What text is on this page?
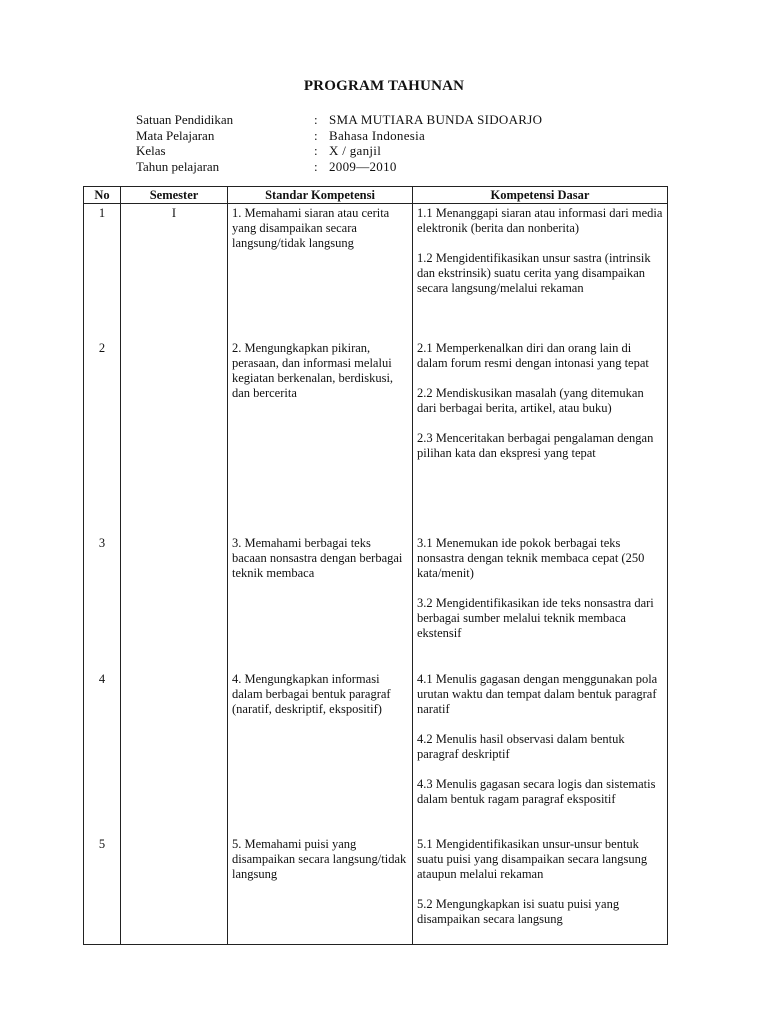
PROGRAM TAHUNAN
Satuan Pendidikan	: SMA MUTIARA BUNDA SIDOARJO
Mata Pelajaran	: Bahasa Indonesia
Kelas	: X / ganjil
Tahun pelajaran	: 2009—2010
No	Semester	Standar Kompetensi	Kompetensi Dasar
1	I	1. Memahami siaran atau cerita yang disampaikan secara langsung/tidak langsung	1.1 Menanggapi siaran atau informasi dari media elektronik (berita dan nonberita)

1.2 Mengidentifikasikan unsur sastra (intrinsik dan ekstrinsik) suatu cerita yang disampaikan secara langsung/melalui rekaman

2		2. Mengungkapkan pikiran, perasaan, dan informasi melalui kegiatan berkenalan, berdiskusi, dan bercerita	2.1 Memperkenalkan diri dan orang lain di dalam forum resmi dengan intonasi yang tepat

2.2 Mendiskusikan masalah (yang ditemukan dari berbagai berita, artikel, atau buku)

2.3 Menceritakan berbagai pengalaman dengan pilihan kata dan ekspresi yang tepat

3		3. Memahami berbagai teks bacaan nonsastra dengan berbagai teknik membaca	3.1 Menemukan ide pokok berbagai teks nonsastra dengan teknik membaca cepat (250 kata/menit)

3.2 Mengidentifikasikan ide teks nonsastra dari berbagai sumber melalui teknik membaca ekstensif

4		4. Mengungkapkan informasi dalam berbagai bentuk paragraf (naratif, deskriptif, ekspositif)	4.1 Menulis gagasan dengan menggunakan pola urutan waktu dan tempat dalam bentuk paragraf naratif

4.2 Menulis hasil observasi dalam bentuk paragraf deskriptif

4.3 Menulis gagasan secara logis dan sistematis dalam bentuk ragam paragraf ekspositif

5		5. Memahami puisi yang disampaikan secara langsung/tidak langsung	5.1 Mengidentifikasikan unsur-unsur bentuk suatu puisi yang disampaikan secara langsung ataupun melalui rekaman

5.2 Mengungkapkan isi suatu puisi yang disampaikan secara langsung
